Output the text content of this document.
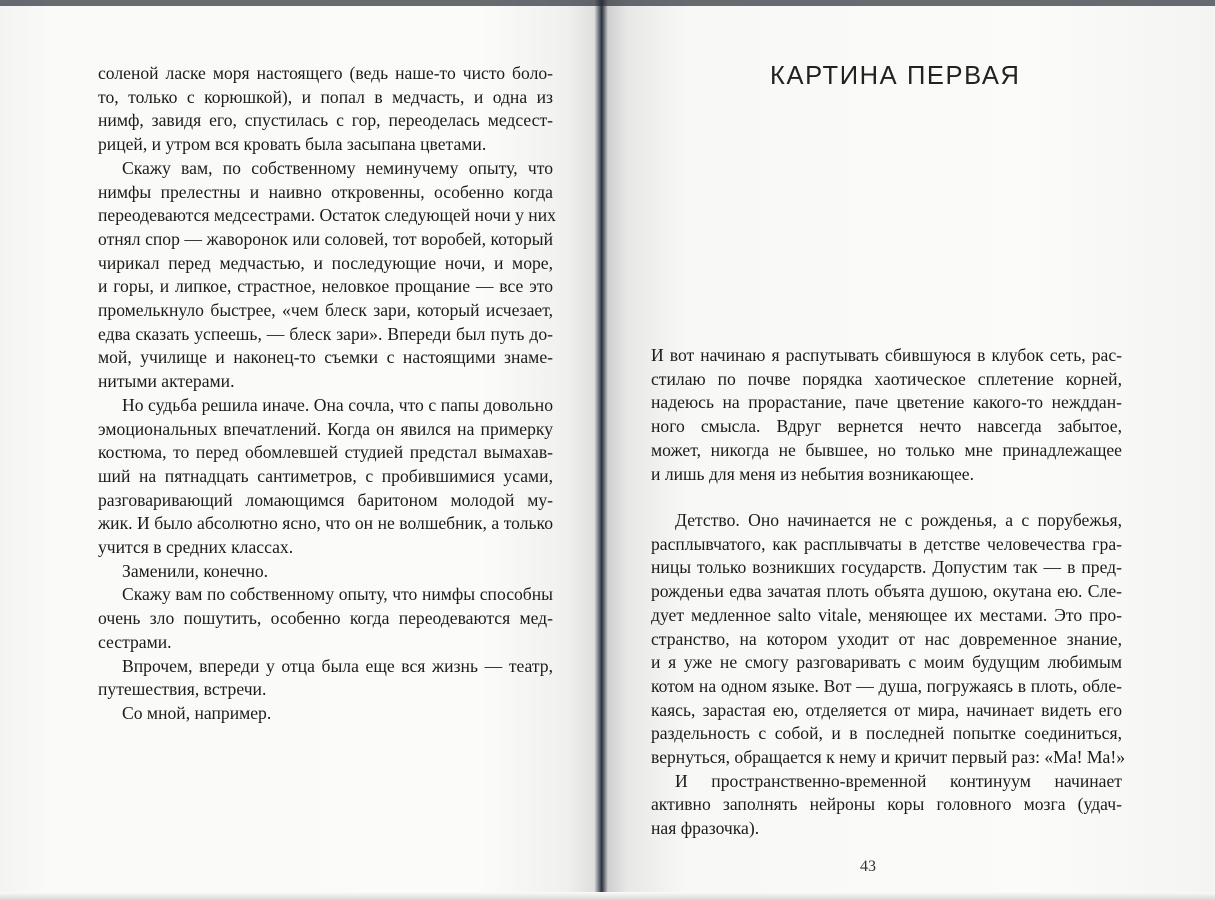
соленой ласке моря настоящего (ведь наше-то чисто боло-
то, только с корюшкой), и попал в медчасть, и одна из
нимф, завидя его, спустилась с гор, переоделась медсест-
рицей, и утром вся кровать была засыпана цветами.
Скажу вам, по собственному неминучему опыту, что
нимфы прелестны и наивно откровенны, особенно когда
переодеваются медсестрами. Остаток следующей ночи у них
отнял спор — жаворонок или соловей, тот воробей, который
чирикал перед медчастью, и последующие ночи, и море,
и горы, и липкое, страстное, неловкое прощание — все это
промелькнуло быстрее, «чем блеск зари, который исчезает,
едва сказать успеешь, — блеск зари». Впереди был путь до-
мой, училище и наконец-то съемки с настоящими знаме-
нитыми актерами.
Но судьба решила иначе. Она сочла, что с папы довольно
эмоциональных впечатлений. Когда он явился на примерку
костюма, то перед обомлевшей студией предстал вымахав-
ший на пятнадцать сантиметров, с пробившимися усами,
разговаривающий ломающимся баритоном молодой му-
жик. И было абсолютно ясно, что он не волшебник, а только
учится в средних классах.
Заменили, конечно.
Скажу вам по собственному опыту, что нимфы способны
очень зло пошутить, особенно когда переодеваются мед-
сестрами.
Впрочем, впереди у отца была еще вся жизнь — театр,
путешествия, встречи.
Со мной, например.
КАРТИНА ПЕРВАЯ
И вот начинаю я распутывать сбившуюся в клубок сеть, рас-
стилаю по почве порядка хаотическое сплетение корней,
надеюсь на прорастание, паче цветение какого-то нежддан-
ного смысла. Вдруг вернется нечто навсегда забытое,
может, никогда не бывшее, но только мне принадлежащее
и лишь для меня из небытия возникающее.
Детство. Оно начинается не с рожденья, а с порубежья,
расплывчатого, как расплывчаты в детстве человечества гра-
ницы только возникших государств. Допустим так — в пред-
рожденьи едва зачатая плоть объята душою, окутана ею. Сле-
дует медленное salto vitale, меняющее их местами. Это про-
странство, на котором уходит от нас довременное знание,
и я уже не смогу разговаривать с моим будущим любимым
котом на одном языке. Вот — душа, погружаясь в плоть, обле-
каясь, зарастая ею, отделяется от мира, начинает видеть его
раздельность с собой, и в последней попытке соединиться,
вернуться, обращается к нему и кричит первый раз: «Ма! Ма!»
И пространственно-временной континуум начинает
активно заполнять нейроны коры головного мозга (удач-
ная фразочка).
43
